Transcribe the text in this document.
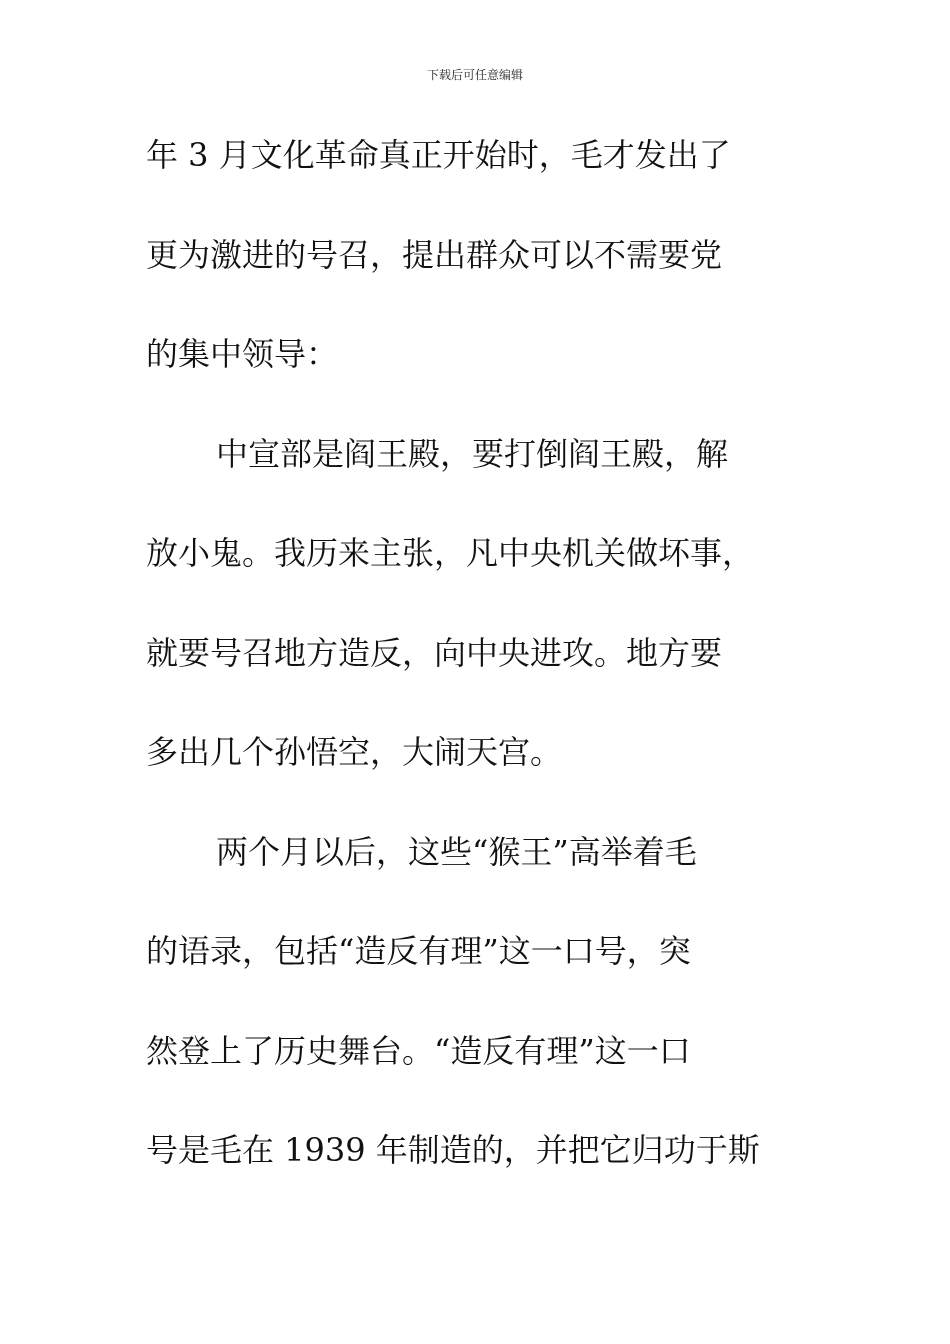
下载后可任意编辑
年 3 月文化革命真正开始时，毛才发出了
更为激进的号召，提出群众可以不需要党
的集中领导：
中宣部是阎王殿，要打倒阎王殿，解
放小鬼。我历来主张，凡中央机关做坏事，
就要号召地方造反，向中央进攻。地方要
多出几个孙悟空，大闹天宫。
两个月以后，这些“猴王”高举着毛
的语录，包括“造反有理”这一口号，突
然登上了历史舞台。“造反有理”这一口
号是毛在 1939 年制造的，并把它归功于斯
